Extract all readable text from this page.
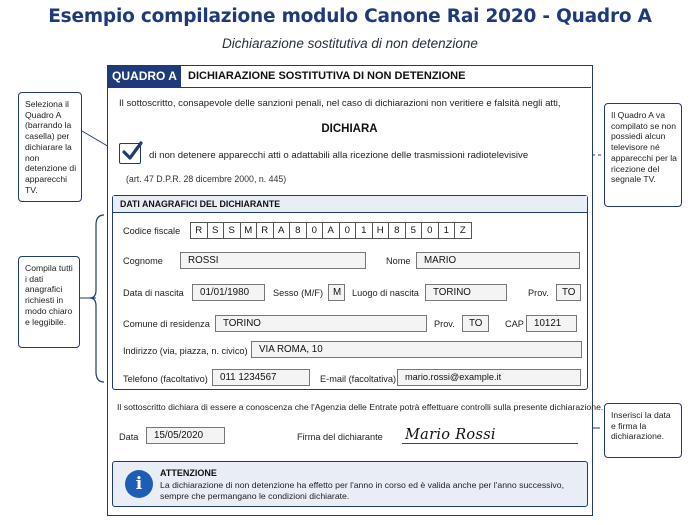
Esempio compilazione modulo Canone Rai 2020 - Quadro A
Dichiarazione sostitutiva di non detenzione
QUADRO A	DICHIARAZIONE SOSTITUTIVA DI NON DETENZIONE
Il sottoscritto, consapevole delle sanzioni penali, nel caso di dichiarazioni non veritiere e falsità negli atti,
DICHIARA
di non detenere apparecchi atti o adattabili alla ricezione delle trasmissioni radiotelevisive
(art. 47 D.P.R. 28 dicembre 2000, n. 445)
DATI ANAGRAFICI DEL DICHIARANTE
Codice fiscale	R	S	S M R	A	8	0	A	0	1	H	8	5	0	1	Z
Cognome	ROSSI	Nome	MARIO
Data di nascita	01/01/1980	Sesso (M/F)	M	Luogo di nascita	TORINO	Prov.	TO
Comune di residenza	TORINO	Prov.	TO	CAP	10121
Indirizzo (via, piazza, n. civico)	VIA ROMA, 10
Telefono (facoltativo)	011 1234567	E-mail (facoltativa) mario.rossi@example.it
Il sottoscritto dichiara di essere a conoscenza che l'Agenzia delle Entrate potrà effettuare controlli sulla presente dichiarazione.
Data	15/05/2020	Firma del dichiarante Mario Rossi
i
ATTENZIONE
La dichiarazione di non detenzione ha effetto per l'anno in corso ed è valida anche per l'anno successivo, sempre che permangano le condizioni dichiarate.
Seleziona il Quadro A (barrando la casella) per dichiarare la non detenzione di apparecchi TV.
Compila tutti i dati anagrafici richiesti in modo chiaro e leggibile.
Il Quadro A va compilato se non possiedi alcun televisore né apparecchi per la ricezione del segnale TV.
Inserisci la data e firma la dichiarazione.
